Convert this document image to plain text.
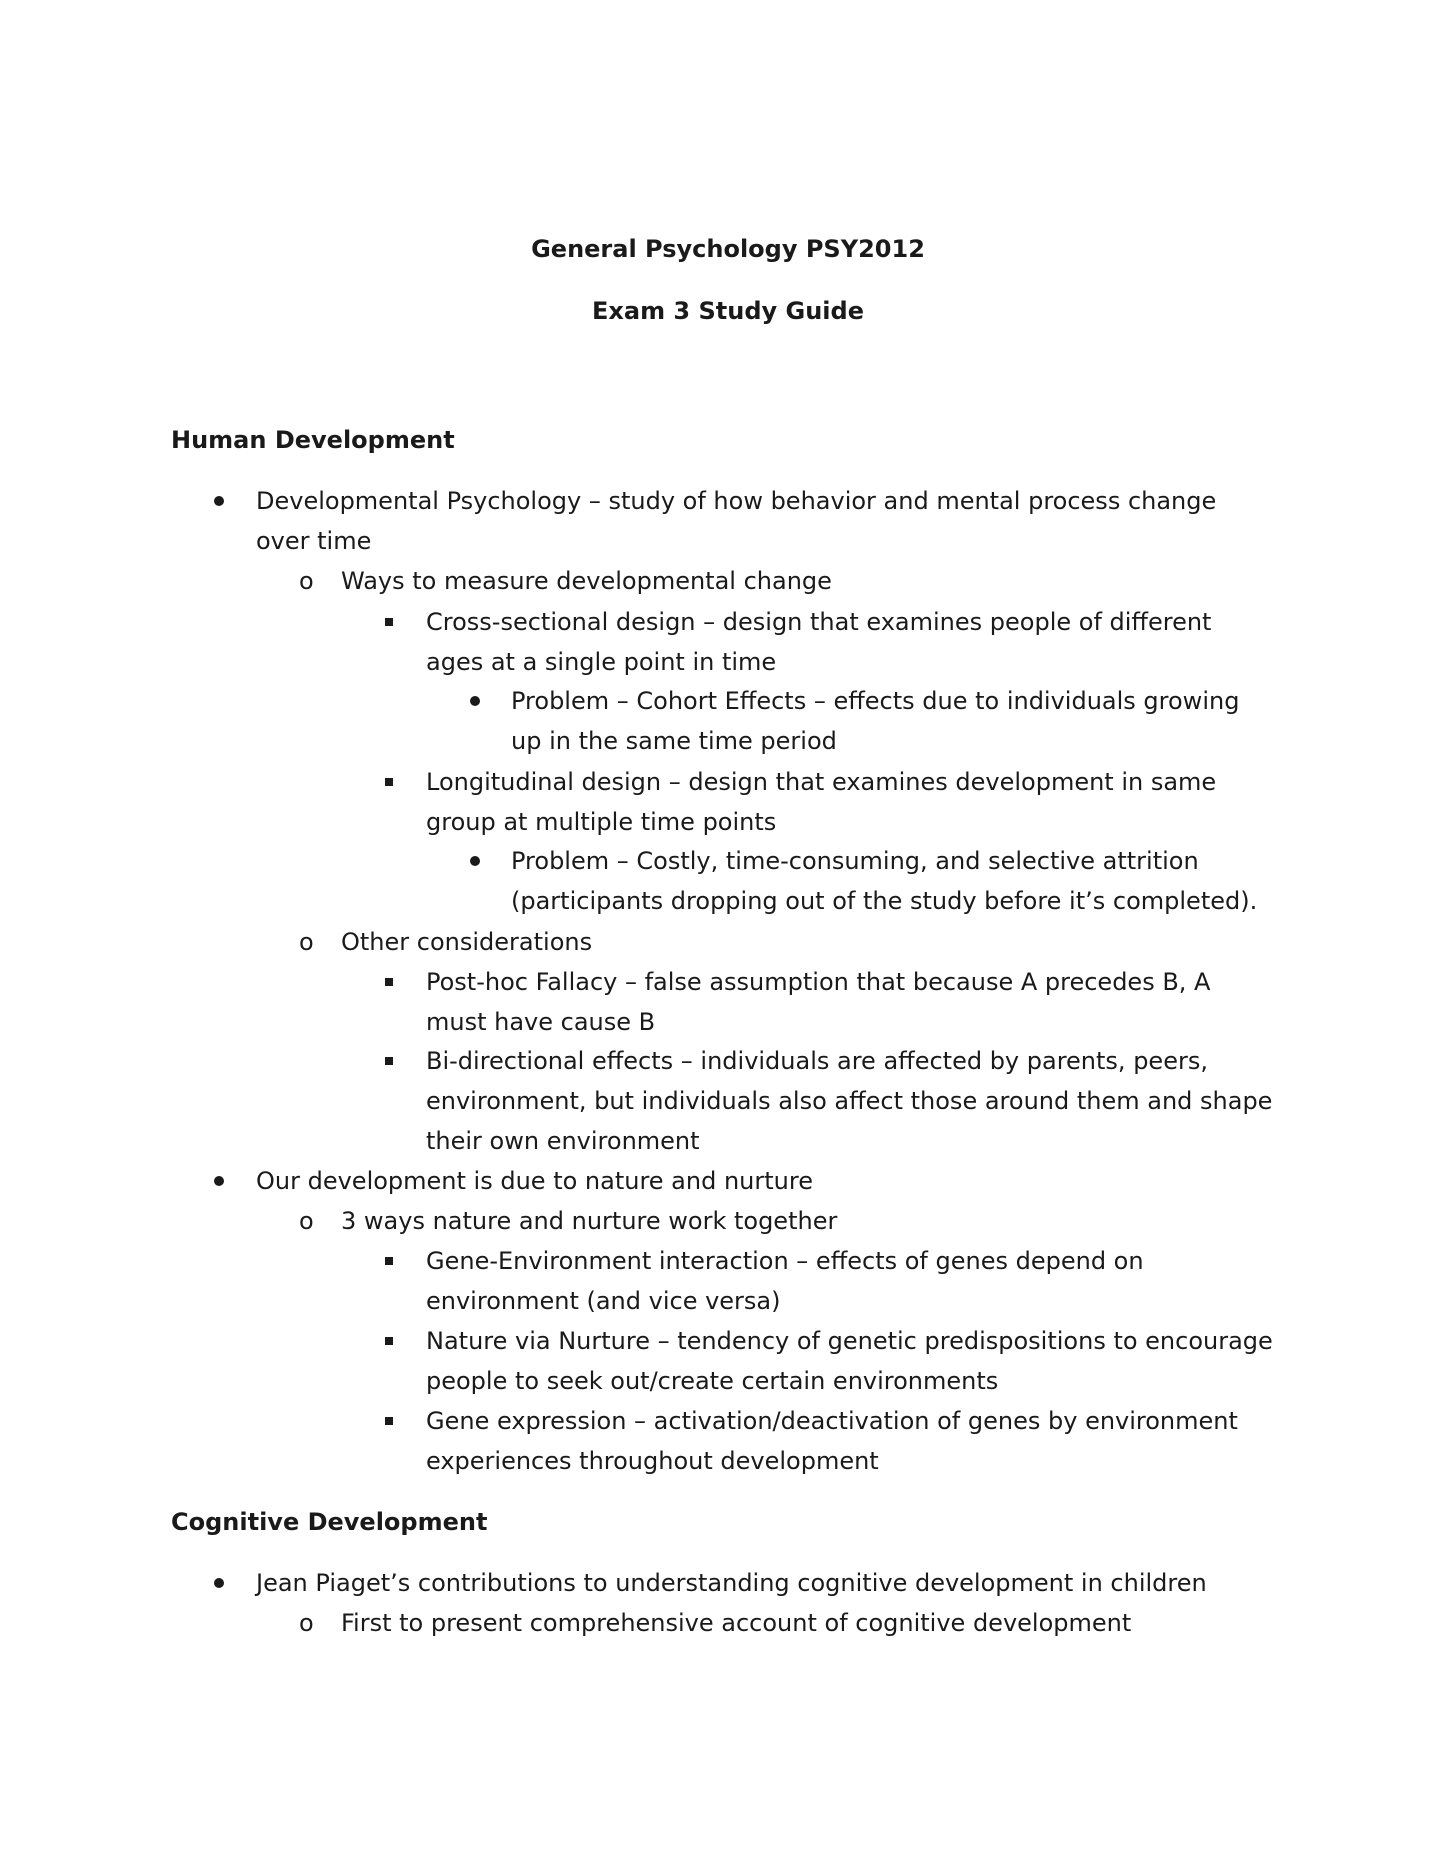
General Psychology PSY2012
Exam 3 Study Guide
Human Development
Developmental Psychology – study of how behavior and mental process change over time
o Ways to measure developmental change
Cross-sectional design – design that examines people of different ages at a single point in time
Problem – Cohort Effects – effects due to individuals growing up in the same time period
Longitudinal design – design that examines development in same group at multiple time points
Problem – Costly, time-consuming, and selective attrition (participants dropping out of the study before it’s completed).
o Other considerations
Post-hoc Fallacy – false assumption that because A precedes B, A must have cause B
Bi-directional effects – individuals are affected by parents, peers, environment, but individuals also affect those around them and shape their own environment
Our development is due to nature and nurture
o 3 ways nature and nurture work together
Gene-Environment interaction – effects of genes depend on environment (and vice versa)
Nature via Nurture – tendency of genetic predispositions to encourage people to seek out/create certain environments
Gene expression – activation/deactivation of genes by environment experiences throughout development
Cognitive Development
Jean Piaget’s contributions to understanding cognitive development in children
o First to present comprehensive account of cognitive development
